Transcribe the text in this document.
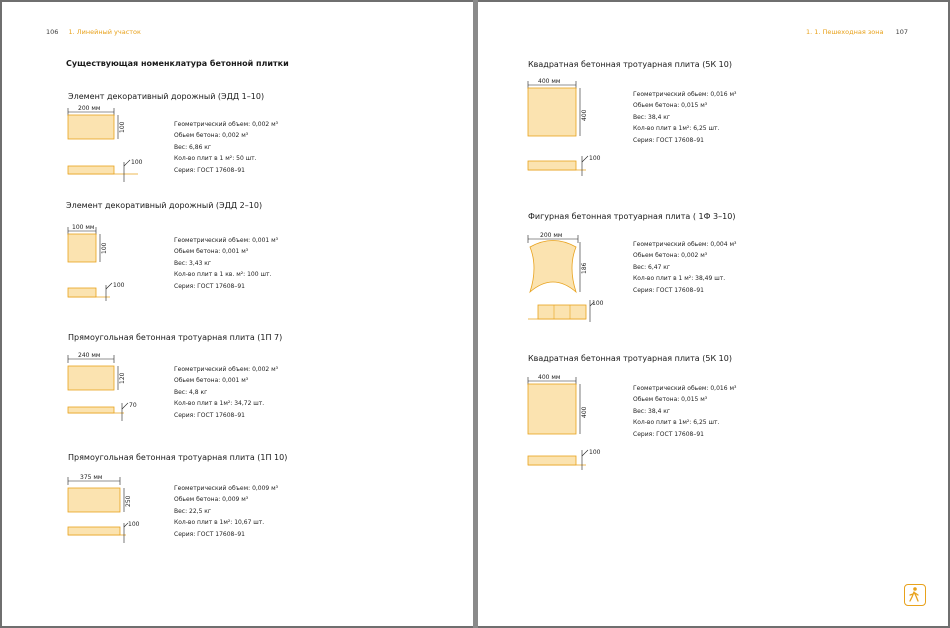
106 1. Линейный участок
Существующая номенклатура бетонной плитки
Элемент декоративный дорожный (ЭДД 1–10)
200 мм
100
100
Геометрический объем: 0,002 м³
Обьем бетона: 0,002 м³
Вес: 6,86 кг
Кол-во плит в 1 м²: 50 шт.
Серия: ГОСТ 17608–91
Элемент декоративный дорожный (ЭДД 2–10)
100 мм
100
100
Геометрический объем: 0,001 м³
Обьем бетона: 0,001 м³
Вес: 3,43 кг
Кол-во плит в 1 кв. м²: 100 шт.
Серия: ГОСТ 17608–91
Прямоугольная бетонная тротуарная плита (1П 7)
240 мм
120
70
Геометрический объем: 0,002 м³
Обьем бетона: 0,001 м³
Вес: 4,8 кг
Кол-во плит в 1м²: 34,72 шт.
Серия: ГОСТ 17608–91
Прямоугольная бетонная тротуарная плита (1П 10)
375 мм
250
Геометрический объем: 0,009 м³
Обьем бетона: 0,009 м³
Вес: 22,5 кг
Кол-во плит в 1м²: 10,67 шт.
Серия: ГОСТ 17608–91
100
1. 1. Пешеходная зона 107
Квадратная бетонная тротуарная плита (5К 10)
400 мм
400
100
Геометрический обьем: 0,016 м³
Обьем бетона: 0,015 м³
Вес: 38,4 кг
Кол-во плит в 1м²: 6,25 шт.
Серия: ГОСТ 17608–91
Фигурная бетонная тротуарная плита ( 1Ф 3–10)
200 мм
186
100
Геометрический обьем: 0,004 м³
Обьем бетона: 0,002 м³
Вес: 6,47 кг
Кол-во плит в 1 м²: 38,49 шт.
Серия: ГОСТ 17608–91
Квадратная бетонная тротуарная плита (5К 10)
400 мм
400
100
Геометрический обьем: 0,016 м³
Обьем бетона: 0,015 м³
Вес: 38,4 кг
Кол-во плит в 1м²: 6,25 шт.
Серия: ГОСТ 17608–91
